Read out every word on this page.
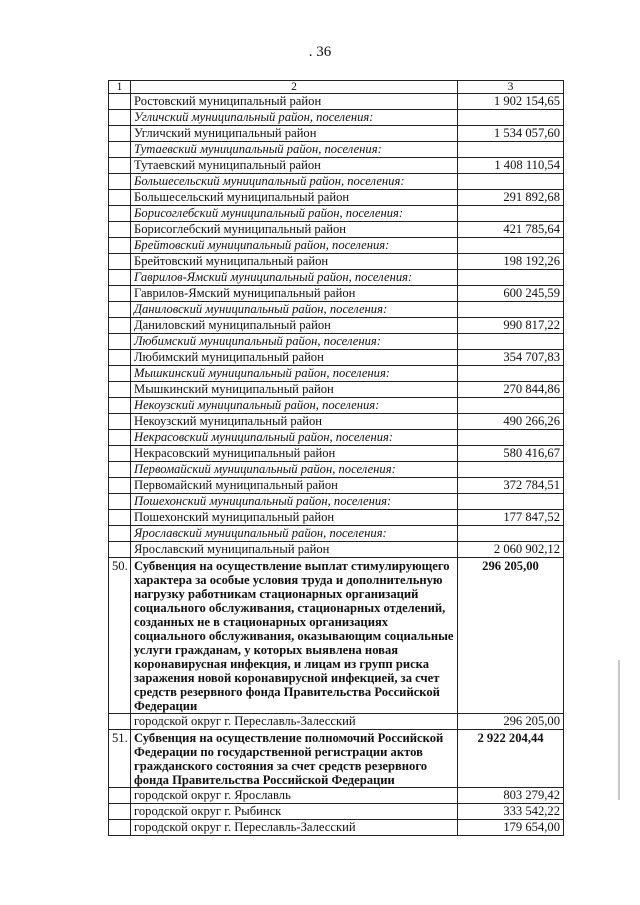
. 36
1	2	3
	Ростовский муниципальный район	1 902 154,65
	Угличский муниципальный район, поселения:	
	Угличский муниципальный район	1 534 057,60
	Тутаевский муниципальный район, поселения:	
	Тутаевский муниципальный район	1 408 110,54
	Большесельский муниципальный район, поселения:	
	Большесельский муниципальный район	291 892,68
	Борисоглебский муниципальный район, поселения:	
	Борисоглебский муниципальный район	421 785,64
	Брейтовский муниципальный район, поселения:	
	Брейтовский муниципальный район	198 192,26
	Гаврилов-Ямский муниципальный район, поселения:	
	Гаврилов-Ямский муниципальный район	600 245,59
	Даниловский муниципальный район, поселения:	
	Даниловский муниципальный район	990 817,22
	Любимский муниципальный район, поселения:	
	Любимский муниципальный район	354 707,83
	Мышкинский муниципальный район, поселения:	
	Мышкинский муниципальный район	270 844,86
	Некоузский муниципальный район, поселения:	
	Некоузский муниципальный район	490 266,26
	Некрасовский муниципальный район, поселения:	
	Некрасовский муниципальный район	580 416,67
	Первомайский муниципальный район, поселения:	
	Первомайский муниципальный район	372 784,51
	Пошехонский муниципальный район, поселения:	
	Пошехонский муниципальный район	177 847,52
	Ярославский муниципальный район, поселения:	
	Ярославский муниципальный район	2 060 902,12
50.	Субвенция на осуществление выплат стимулирующего характера за особые условия труда и дополнительную нагрузку работникам стационарных организаций социального обслуживания, стационарных отделений, созданных не в стационарных организациях социального обслуживания, оказывающим социальные услуги гражданам, у которых выявлена новая коронавирусная инфекция, и лицам из групп риска заражения новой коронавирусной инфекцией, за счет средств резервного фонда Правительства Российской Федерации	296 205,00
	городской округ г. Переславль-Залесский	296 205,00
51.	Субвенция на осуществление полномочий Российской Федерации по государственной регистрации актов гражданского состояния за счет средств резервного фонда Правительства Российской Федерации	2 922 204,44
	городской округ г. Ярославль	803 279,42
	городской округ г. Рыбинск	333 542,22
	городской округ г. Переславль-Залесский	179 654,00
